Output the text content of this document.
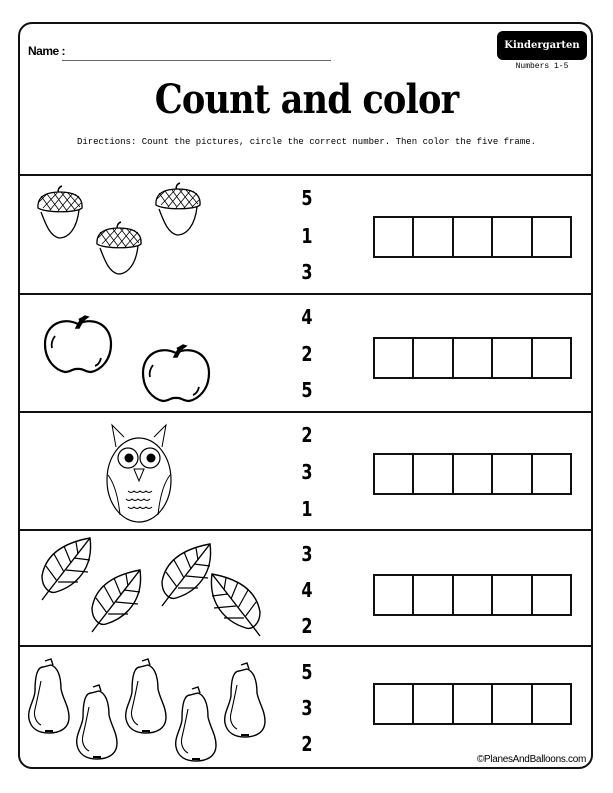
Name :	Kindergarten
Numbers 1-5
Count and color
Directions: Count the pictures, circle the correct number. Then color the five frame.
5
1
3
4
2
5
2
3
1
3
4
2
5
3
2
©PlanesAndBalloons.com
